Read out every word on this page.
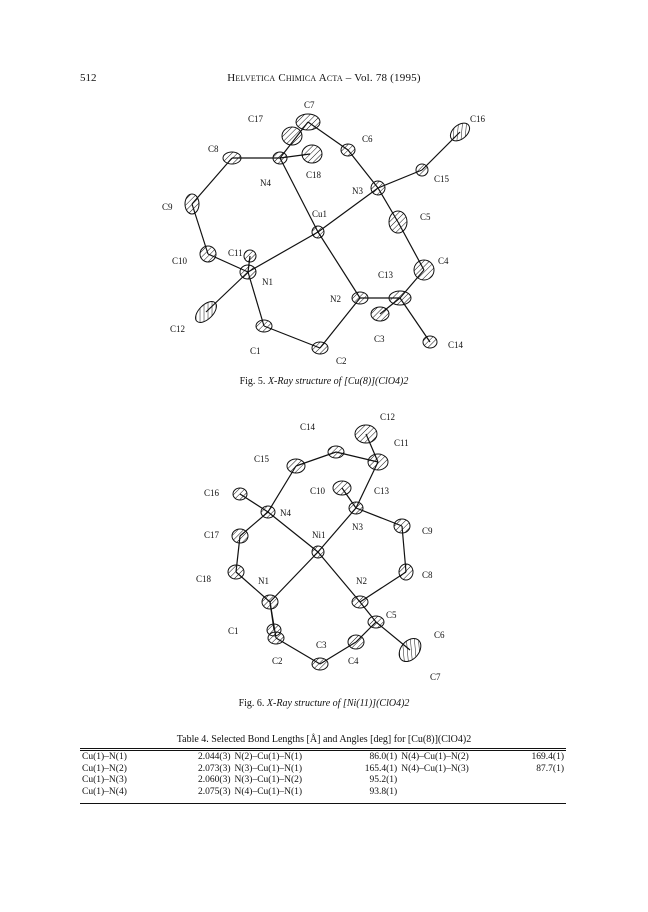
512	Helvetica Chimica Acta – Vol. 78 (1995)
C7
C17
C6
C16
C8
C18
N4
N3
C15
C9
Cu1	C5
C11
C10	C4
N1
C13
N2
C12
C3
C14
C1
C2
Fig. 5. X-Ray structure of [Cu(8)](ClO4)2
C12
C14
C11
C15
C16	C10	C13
N4
N3	C9
C17	Ni1
C18	N1	N2
C8
C5
C1	C6
C3
C4
C2
C7
Fig. 6. X-Ray structure of [Ni(11)](ClO4)2
Table 4. Selected Bond Lengths [Å] and Angles [deg] for [Cu(8)](ClO4)2
Cu(1)–N(1)	2.044(3)	N(2)–Cu(1)–N(1)	86.0(1)	N(4)–Cu(1)–N(2)	169.4(1)
Cu(1)–N(2)	2.073(3)	N(3)–Cu(1)–N(1)	165.4(1)	N(4)–Cu(1)–N(3)	87.7(1)
Cu(1)–N(3)	2.060(3)	N(3)–Cu(1)–N(2)	95.2(1)		
Cu(1)–N(4)	2.075(3)	N(4)–Cu(1)–N(1)	93.8(1)		
